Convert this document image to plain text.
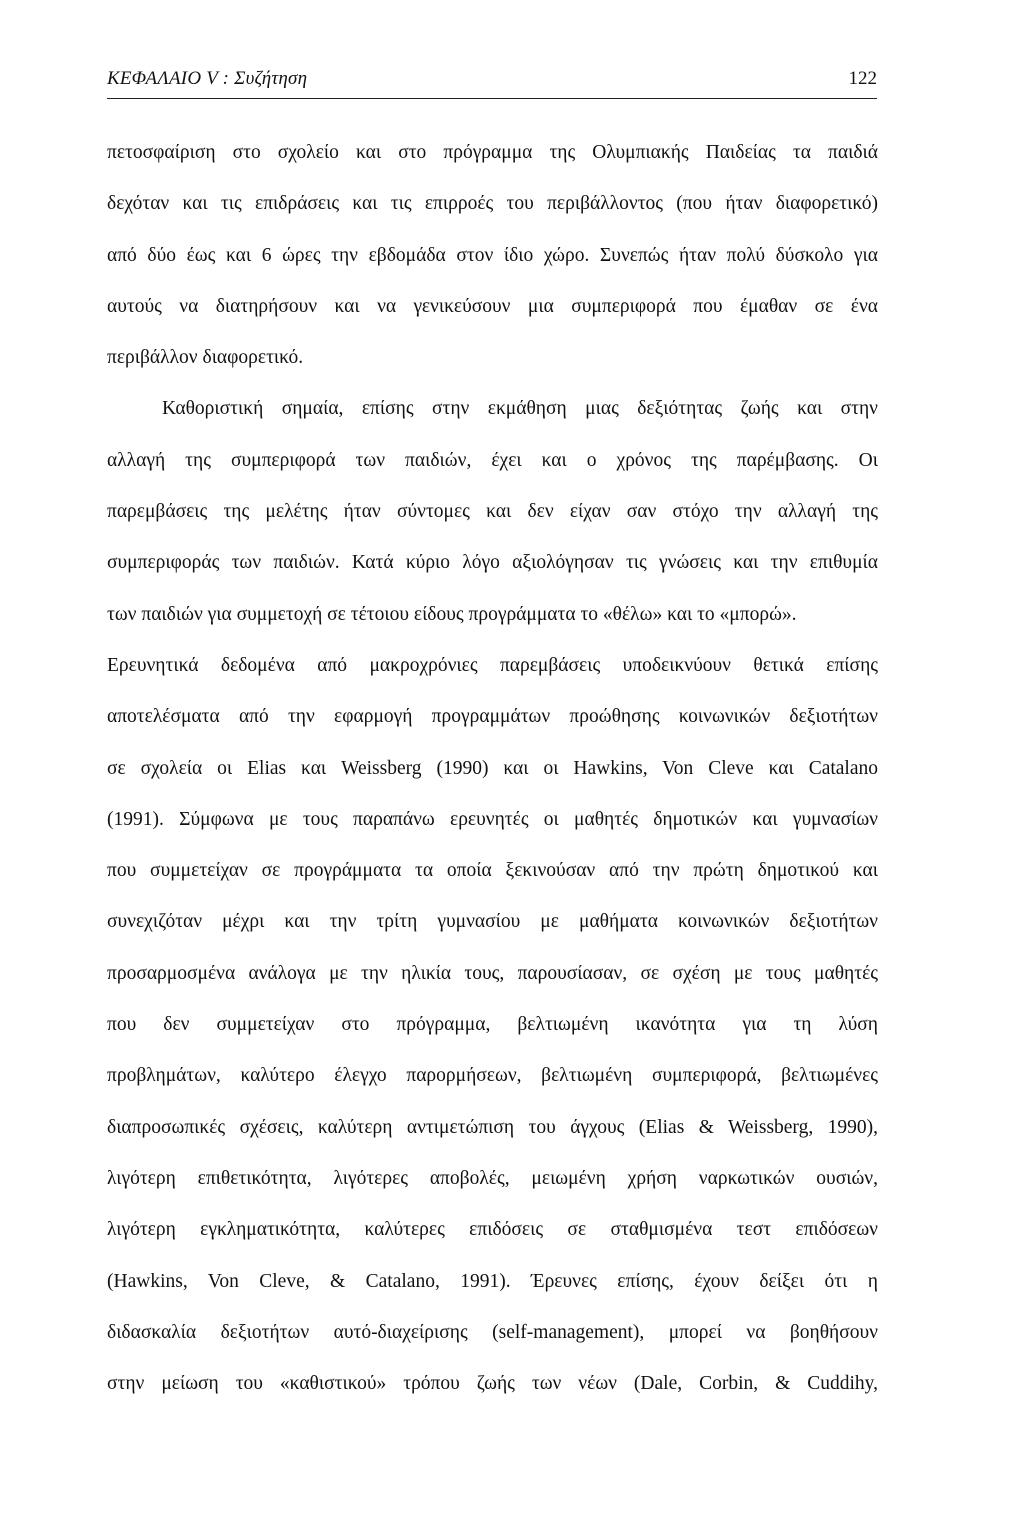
ΚΕΦΑΛΑΙΟ V : Συζήτηση	122
πετοσφαίριση στο σχολείο και στο πρόγραμμα της Ολυμπιακής Παιδείας τα παιδιά
δεχόταν και τις επιδράσεις και τις επιρροές του περιβάλλοντος (που ήταν διαφορετικό)
από δύο έως και 6 ώρες την εβδομάδα στον ίδιο χώρο. Συνεπώς ήταν πολύ δύσκολο για
αυτούς να διατηρήσουν και να γενικεύσουν μια συμπεριφορά που έμαθαν σε ένα
περιβάλλον διαφορετικό.
Καθοριστική σημαία, επίσης στην εκμάθηση μιας δεξιότητας ζωής και στην
αλλαγή της συμπεριφορά των παιδιών, έχει και ο χρόνος της παρέμβασης. Οι
παρεμβάσεις της μελέτης ήταν σύντομες και δεν είχαν σαν στόχο την αλλαγή της
συμπεριφοράς των παιδιών. Κατά κύριο λόγο αξιολόγησαν τις γνώσεις και την επιθυμία
των παιδιών για συμμετοχή σε τέτοιου είδους προγράμματα το «θέλω» και το «μπορώ».
Ερευνητικά δεδομένα από μακροχρόνιες παρεμβάσεις υποδεικνύουν θετικά επίσης
αποτελέσματα από την εφαρμογή προγραμμάτων προώθησης κοινωνικών δεξιοτήτων
σε σχολεία οι Elias και Weissberg (1990) και οι Hawkins, Von Cleve και Catalano
(1991). Σύμφωνα με τους παραπάνω ερευνητές οι μαθητές δημοτικών και γυμνασίων
που συμμετείχαν σε προγράμματα τα οποία ξεκινούσαν από την πρώτη δημοτικού και
συνεχιζόταν μέχρι και την τρίτη γυμνασίου με μαθήματα κοινωνικών δεξιοτήτων
προσαρμοσμένα ανάλογα με την ηλικία τους, παρουσίασαν, σε σχέση με τους μαθητές
που δεν συμμετείχαν στο πρόγραμμα, βελτιωμένη ικανότητα για τη λύση
προβλημάτων, καλύτερο έλεγχο παρορμήσεων, βελτιωμένη συμπεριφορά, βελτιωμένες
διαπροσωπικές σχέσεις, καλύτερη αντιμετώπιση του άγχους (Elias & Weissberg, 1990),
λιγότερη επιθετικότητα, λιγότερες αποβολές, μειωμένη χρήση ναρκωτικών ουσιών,
λιγότερη εγκληματικότητα, καλύτερες επιδόσεις σε σταθμισμένα τεστ επιδόσεων
(Hawkins, Von Cleve, & Catalano, 1991). Έρευνες επίσης, έχουν δείξει ότι η
διδασκαλία δεξιοτήτων αυτό-διαχείρισης (self-management), μπορεί να βοηθήσουν
στην μείωση του «καθιστικού» τρόπου ζωής των νέων (Dale, Corbin, & Cuddihy,
